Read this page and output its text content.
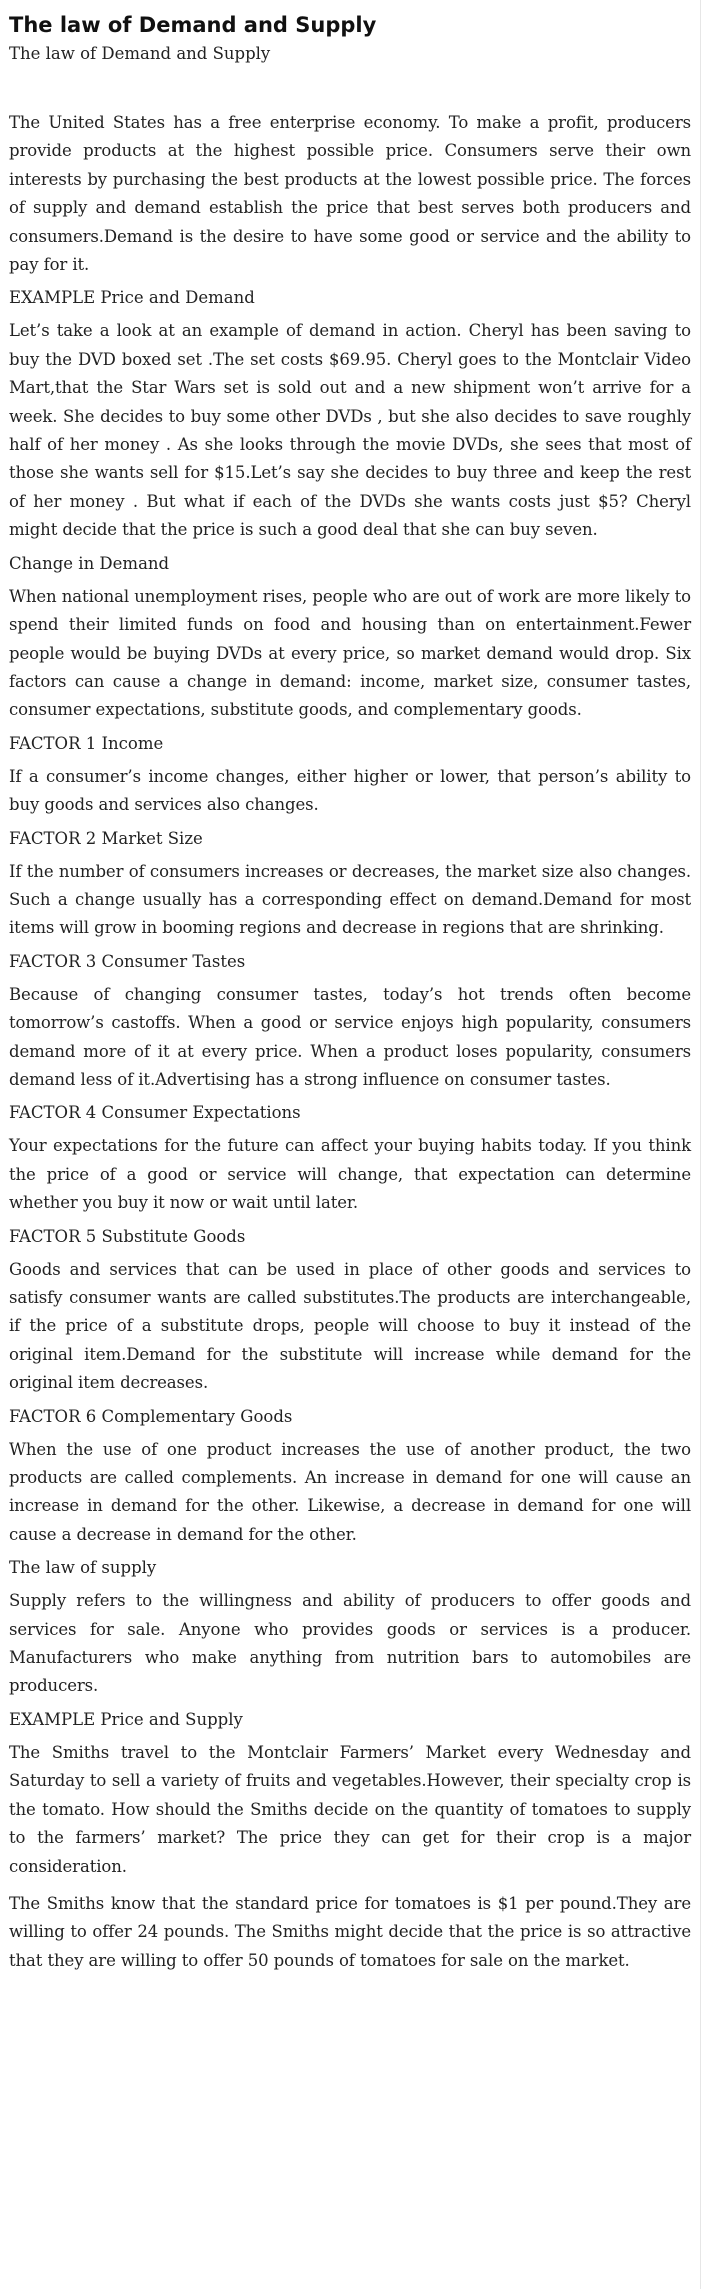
The law of Demand and Supply

The law of Demand and Supply

The United States has a free enterprise economy. To make a profit, producers provide products at the highest possible price. Consumers serve their own interests by purchasing the best products at the lowest possible price. The forces of supply and demand establish the price that best serves both producers and consumers.Demand is the desire to have some good or service and the ability to pay for it.

EXAMPLE Price and Demand

Let’s take a look at an example of demand in action. Cheryl has been saving to buy the DVD boxed set .The set costs $69.95. Cheryl goes to the Montclair Video Mart,that the Star Wars set is sold out and a new shipment won’t arrive for a week. She decides to buy some other DVDs , but she also decides to save roughly half of her money . As she looks through the movie DVDs, she sees that most of those she wants sell for $15.Let’s say she decides to buy three and keep the rest of her money . But what if each of the DVDs she wants costs just $5? Cheryl might decide that the price is such a good deal that she can buy seven.

Change in Demand

When national unemployment rises, people who are out of work are more likely to spend their limited funds on food and housing than on entertainment.Fewer people would be buying DVDs at every price, so market demand would drop. Six factors can cause a change in demand: income, market size, consumer tastes, consumer expectations, substitute goods, and complementary goods.

FACTOR 1 Income

If a consumer’s income changes, either higher or lower, that person’s ability to buy goods and services also changes.

FACTOR 2 Market Size

If the number of consumers increases or decreases, the market size also changes. Such a change usually has a corresponding effect on demand.Demand for most items will grow in booming regions and decrease in regions that are shrinking.

FACTOR 3 Consumer Tastes

Because of changing consumer tastes, today’s hot trends often become tomorrow’s castoffs. When a good or service enjoys high popularity, consumers demand more of it at every price. When a product loses popularity, consumers demand less of it.Advertising has a strong influence on consumer tastes.

FACTOR 4 Consumer Expectations

Your expectations for the future can affect your buying habits today. If you think the price of a good or service will change, that expectation can determine whether you buy it now or wait until later.

FACTOR 5 Substitute Goods

Goods and services that can be used in place of other goods and services to satisfy consumer wants are called substitutes.The products are interchangeable, if the price of a substitute drops, people will choose to buy it instead of the original item.Demand for the substitute will increase while demand for the original item decreases.

FACTOR 6 Complementary Goods

When the use of one product increases the use of another product, the two products are called complements. An increase in demand for one will cause an increase in demand for the other. Likewise, a decrease in demand for one will cause a decrease in demand for the other.

The law of supply

Supply refers to the willingness and ability of producers to offer goods and services for sale. Anyone who provides goods or services is a producer. Manufacturers who make anything from nutrition bars to automobiles are producers.

EXAMPLE Price and Supply

The Smiths travel to the Montclair Farmers’ Market every Wednesday and Saturday to sell a variety of fruits and vegetables.However, their specialty crop is the tomato. How should the Smiths decide on the quantity of tomatoes to supply to the farmers’ market? The price they can get for their crop is a major consideration.

The Smiths know that the standard price for tomatoes is $1 per pound.They are willing to offer 24 pounds. The Smiths might decide that the price is so attractive that they are willing to offer 50 pounds of tomatoes for sale on the market.
